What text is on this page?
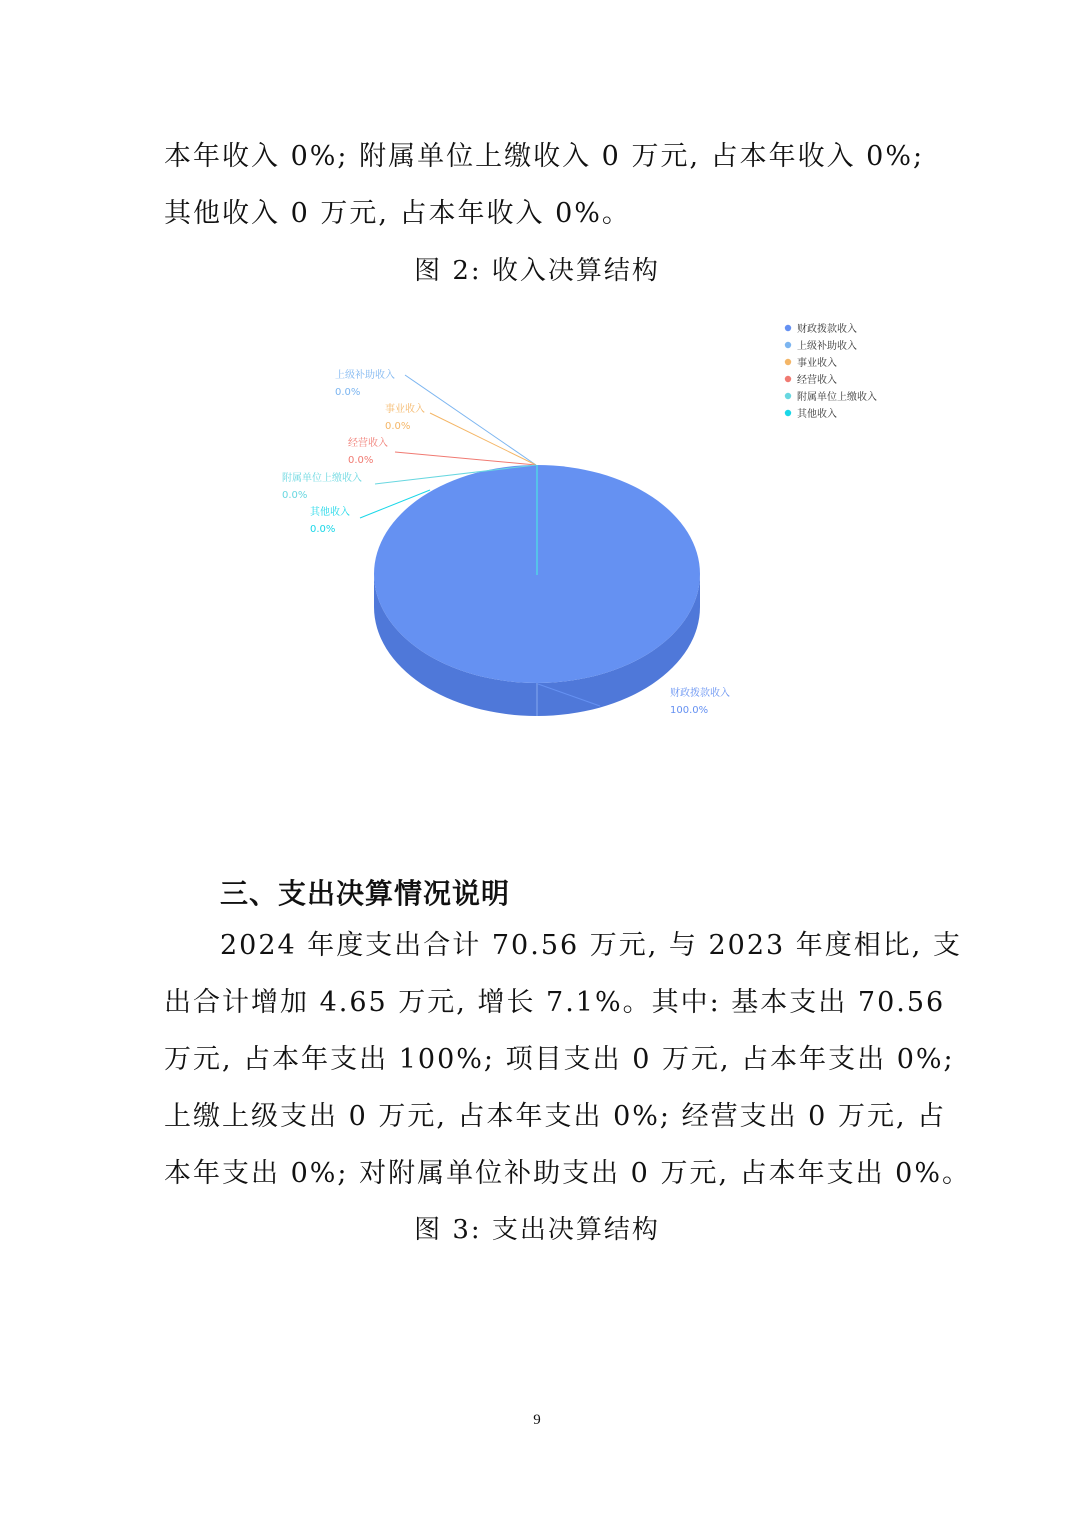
本年收入 0%; 附属单位上缴收入 0 万元, 占本年收入 0%;
其他收入 0 万元, 占本年收入 0%。
图 2: 收入决算结构
财政拨款收入
100.0%
上级补助收入
0.0%
事业收入
0.0%
经营收入
0.0%
附属单位上缴收入
0.0%
其他收入
0.0%
财政拨款收入
上级补助收入
事业收入
经营收入
附属单位上缴收入
其他收入
三、支出决算情况说明
2024 年度支出合计 70.56 万元, 与 2023 年度相比, 支
出合计增加 4.65 万元, 增长 7.1%。其中: 基本支出 70.56
万元, 占本年支出 100%; 项目支出 0 万元, 占本年支出 0%;
上缴上级支出 0 万元, 占本年支出 0%; 经营支出 0 万元, 占
本年支出 0%; 对附属单位补助支出 0 万元, 占本年支出 0%。
图 3: 支出决算结构
9
